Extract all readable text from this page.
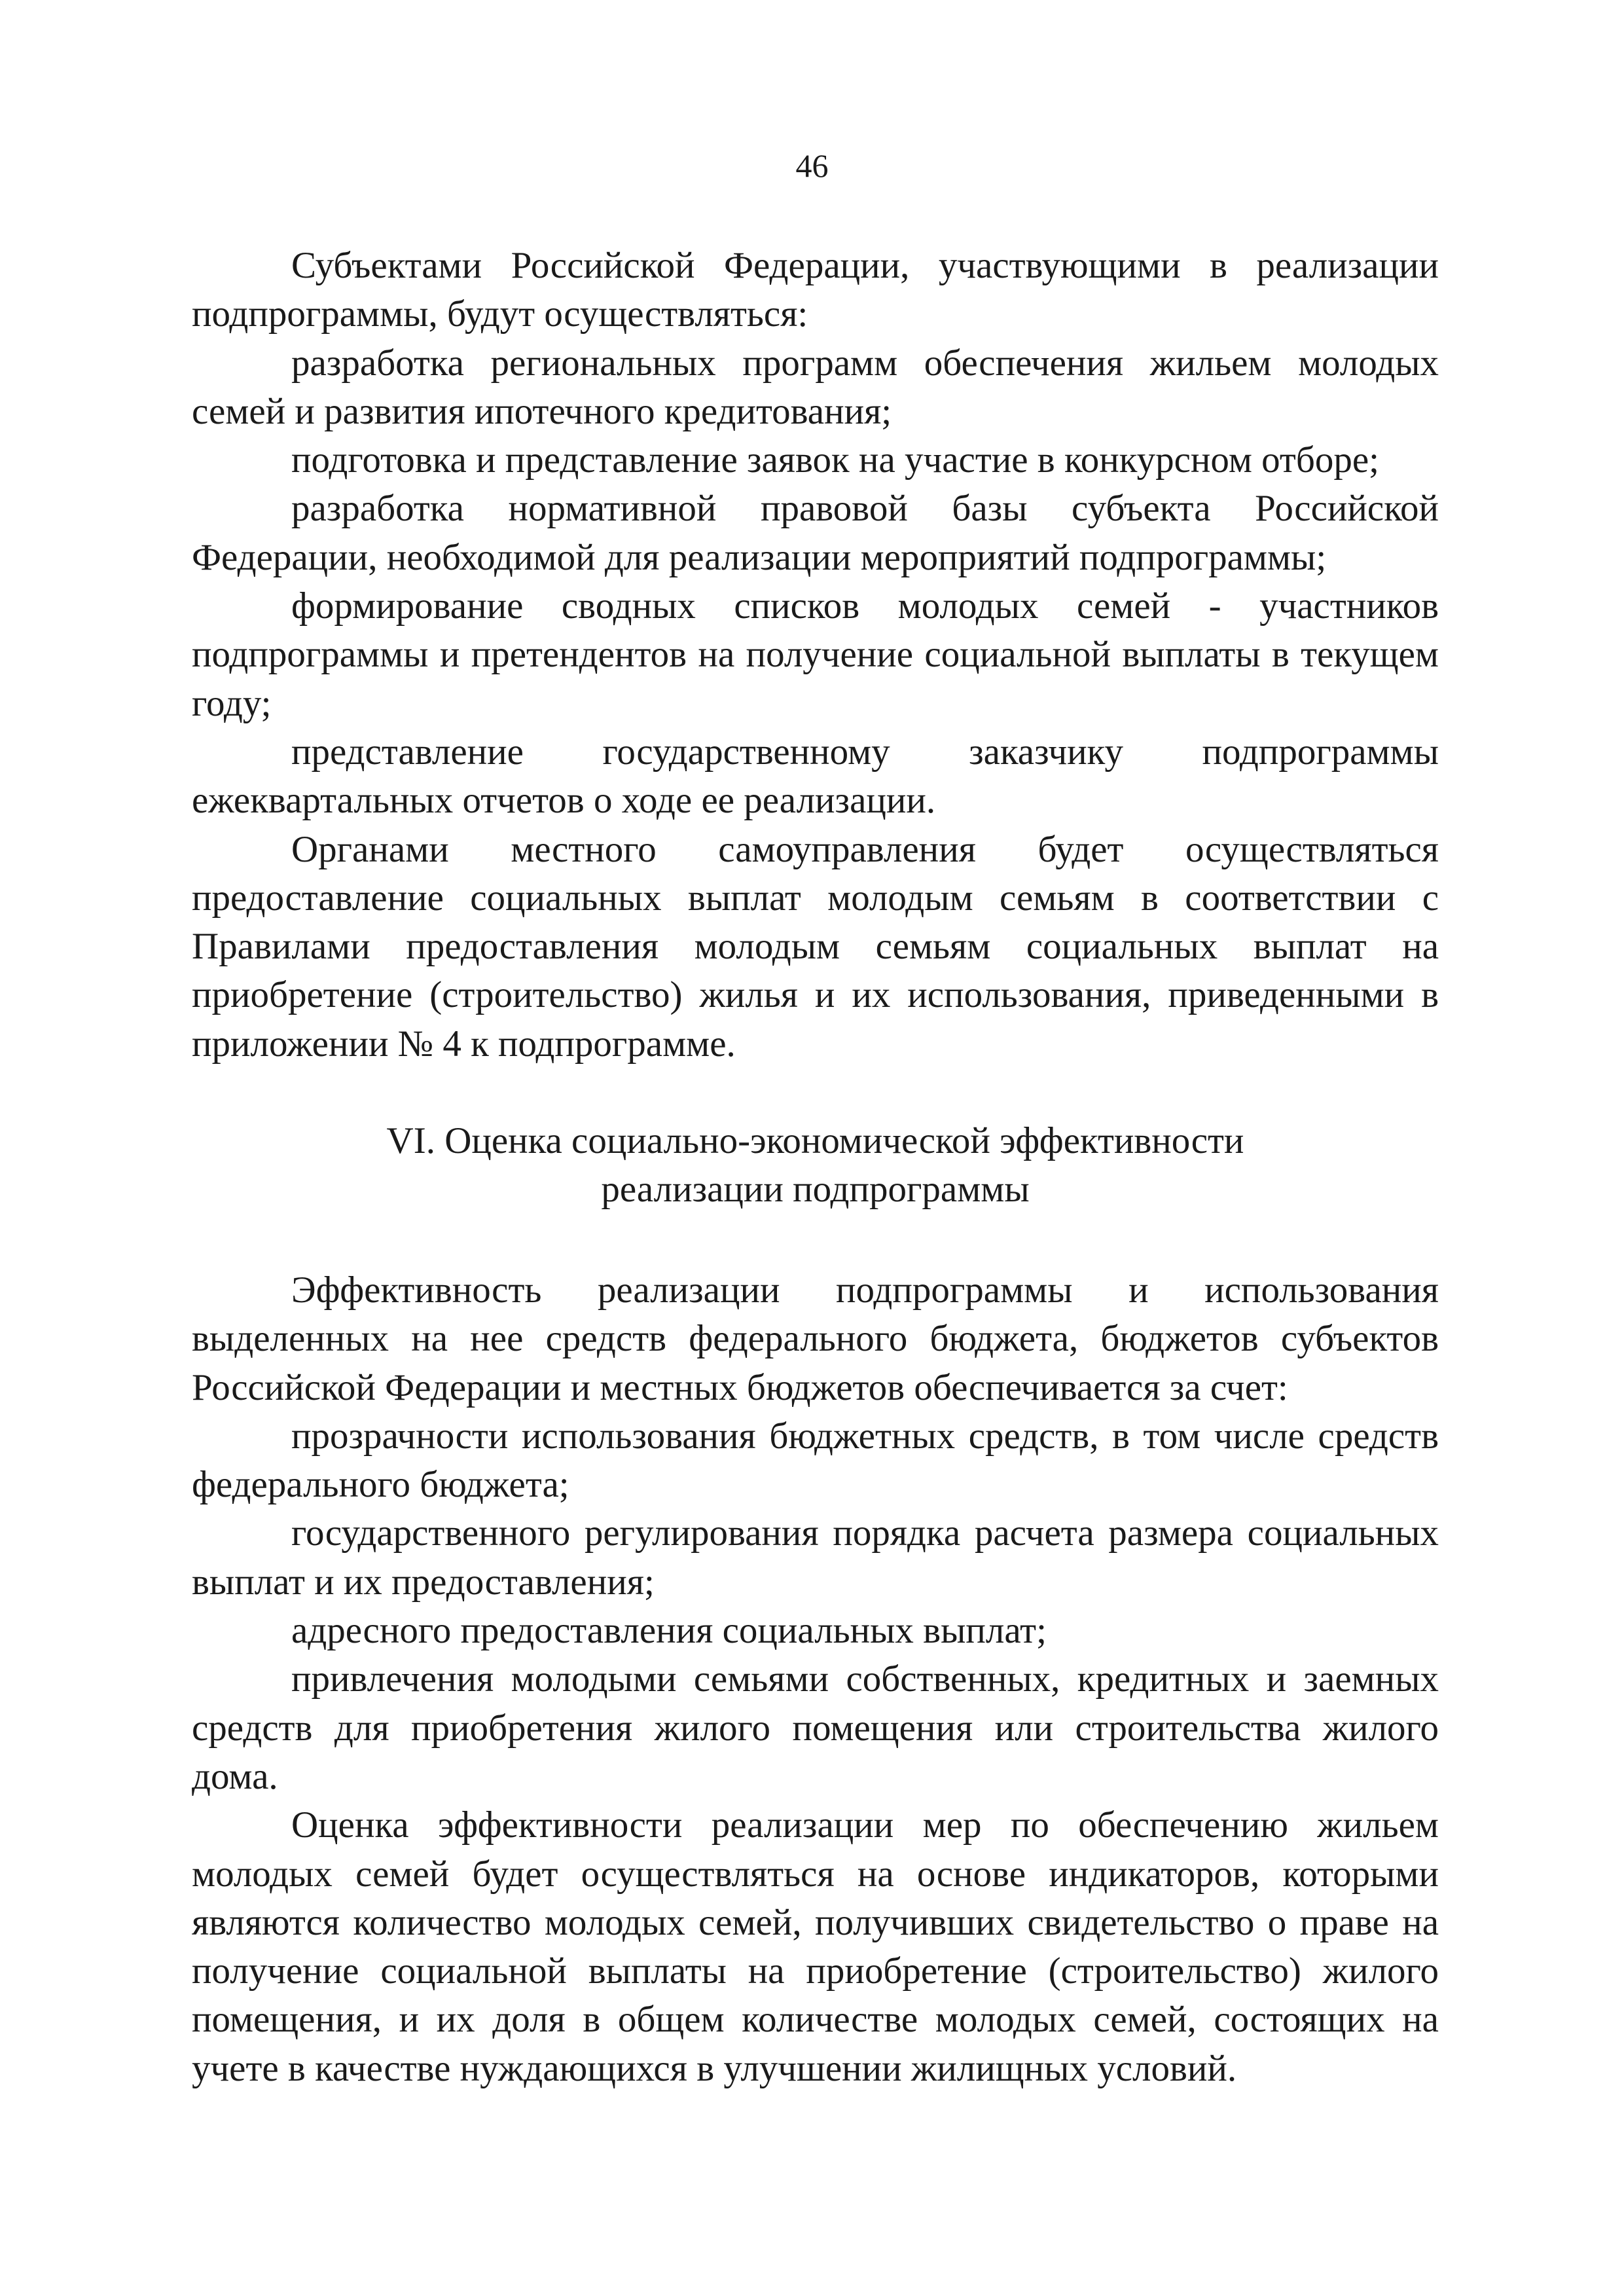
46

Субъектами Российской Федерации, участвующими в реализации подпрограммы, будут осуществляться:

разработка региональных программ обеспечения жильем молодых семей и развития ипотечного кредитования;

подготовка и представление заявок на участие в конкурсном отборе;

разработка нормативной правовой базы субъекта Российской Федерации, необходимой для реализации мероприятий подпрограммы;

формирование сводных списков молодых семей - участников подпрограммы и претендентов на получение социальной выплаты в текущем году;

представление государственному заказчику подпрограммы ежеквартальных отчетов о ходе ее реализации.

Органами местного самоуправления будет осуществляться предоставление социальных выплат молодым семьям в соответствии с Правилами предоставления молодым семьям социальных выплат на приобретение (строительство) жилья и их использования, приведенными в приложении № 4 к подпрограмме.

VI. Оценка социально-экономической эффективности
реализации подпрограммы

Эффективность реализации подпрограммы и использования выделенных на нее средств федерального бюджета, бюджетов субъектов Российской Федерации и местных бюджетов обеспечивается за счет:

прозрачности использования бюджетных средств, в том числе средств федерального бюджета;

государственного регулирования порядка расчета размера социальных выплат и их предоставления;

адресного предоставления социальных выплат;

привлечения молодыми семьями собственных, кредитных и заемных средств для приобретения жилого помещения или строительства жилого дома.

Оценка эффективности реализации мер по обеспечению жильем молодых семей будет осуществляться на основе индикаторов, которыми являются количество молодых семей, получивших свидетельство о праве на получение социальной выплаты на приобретение (строительство) жилого помещения, и их доля в общем количестве молодых семей, состоящих на учете в качестве нуждающихся в улучшении жилищных условий.
